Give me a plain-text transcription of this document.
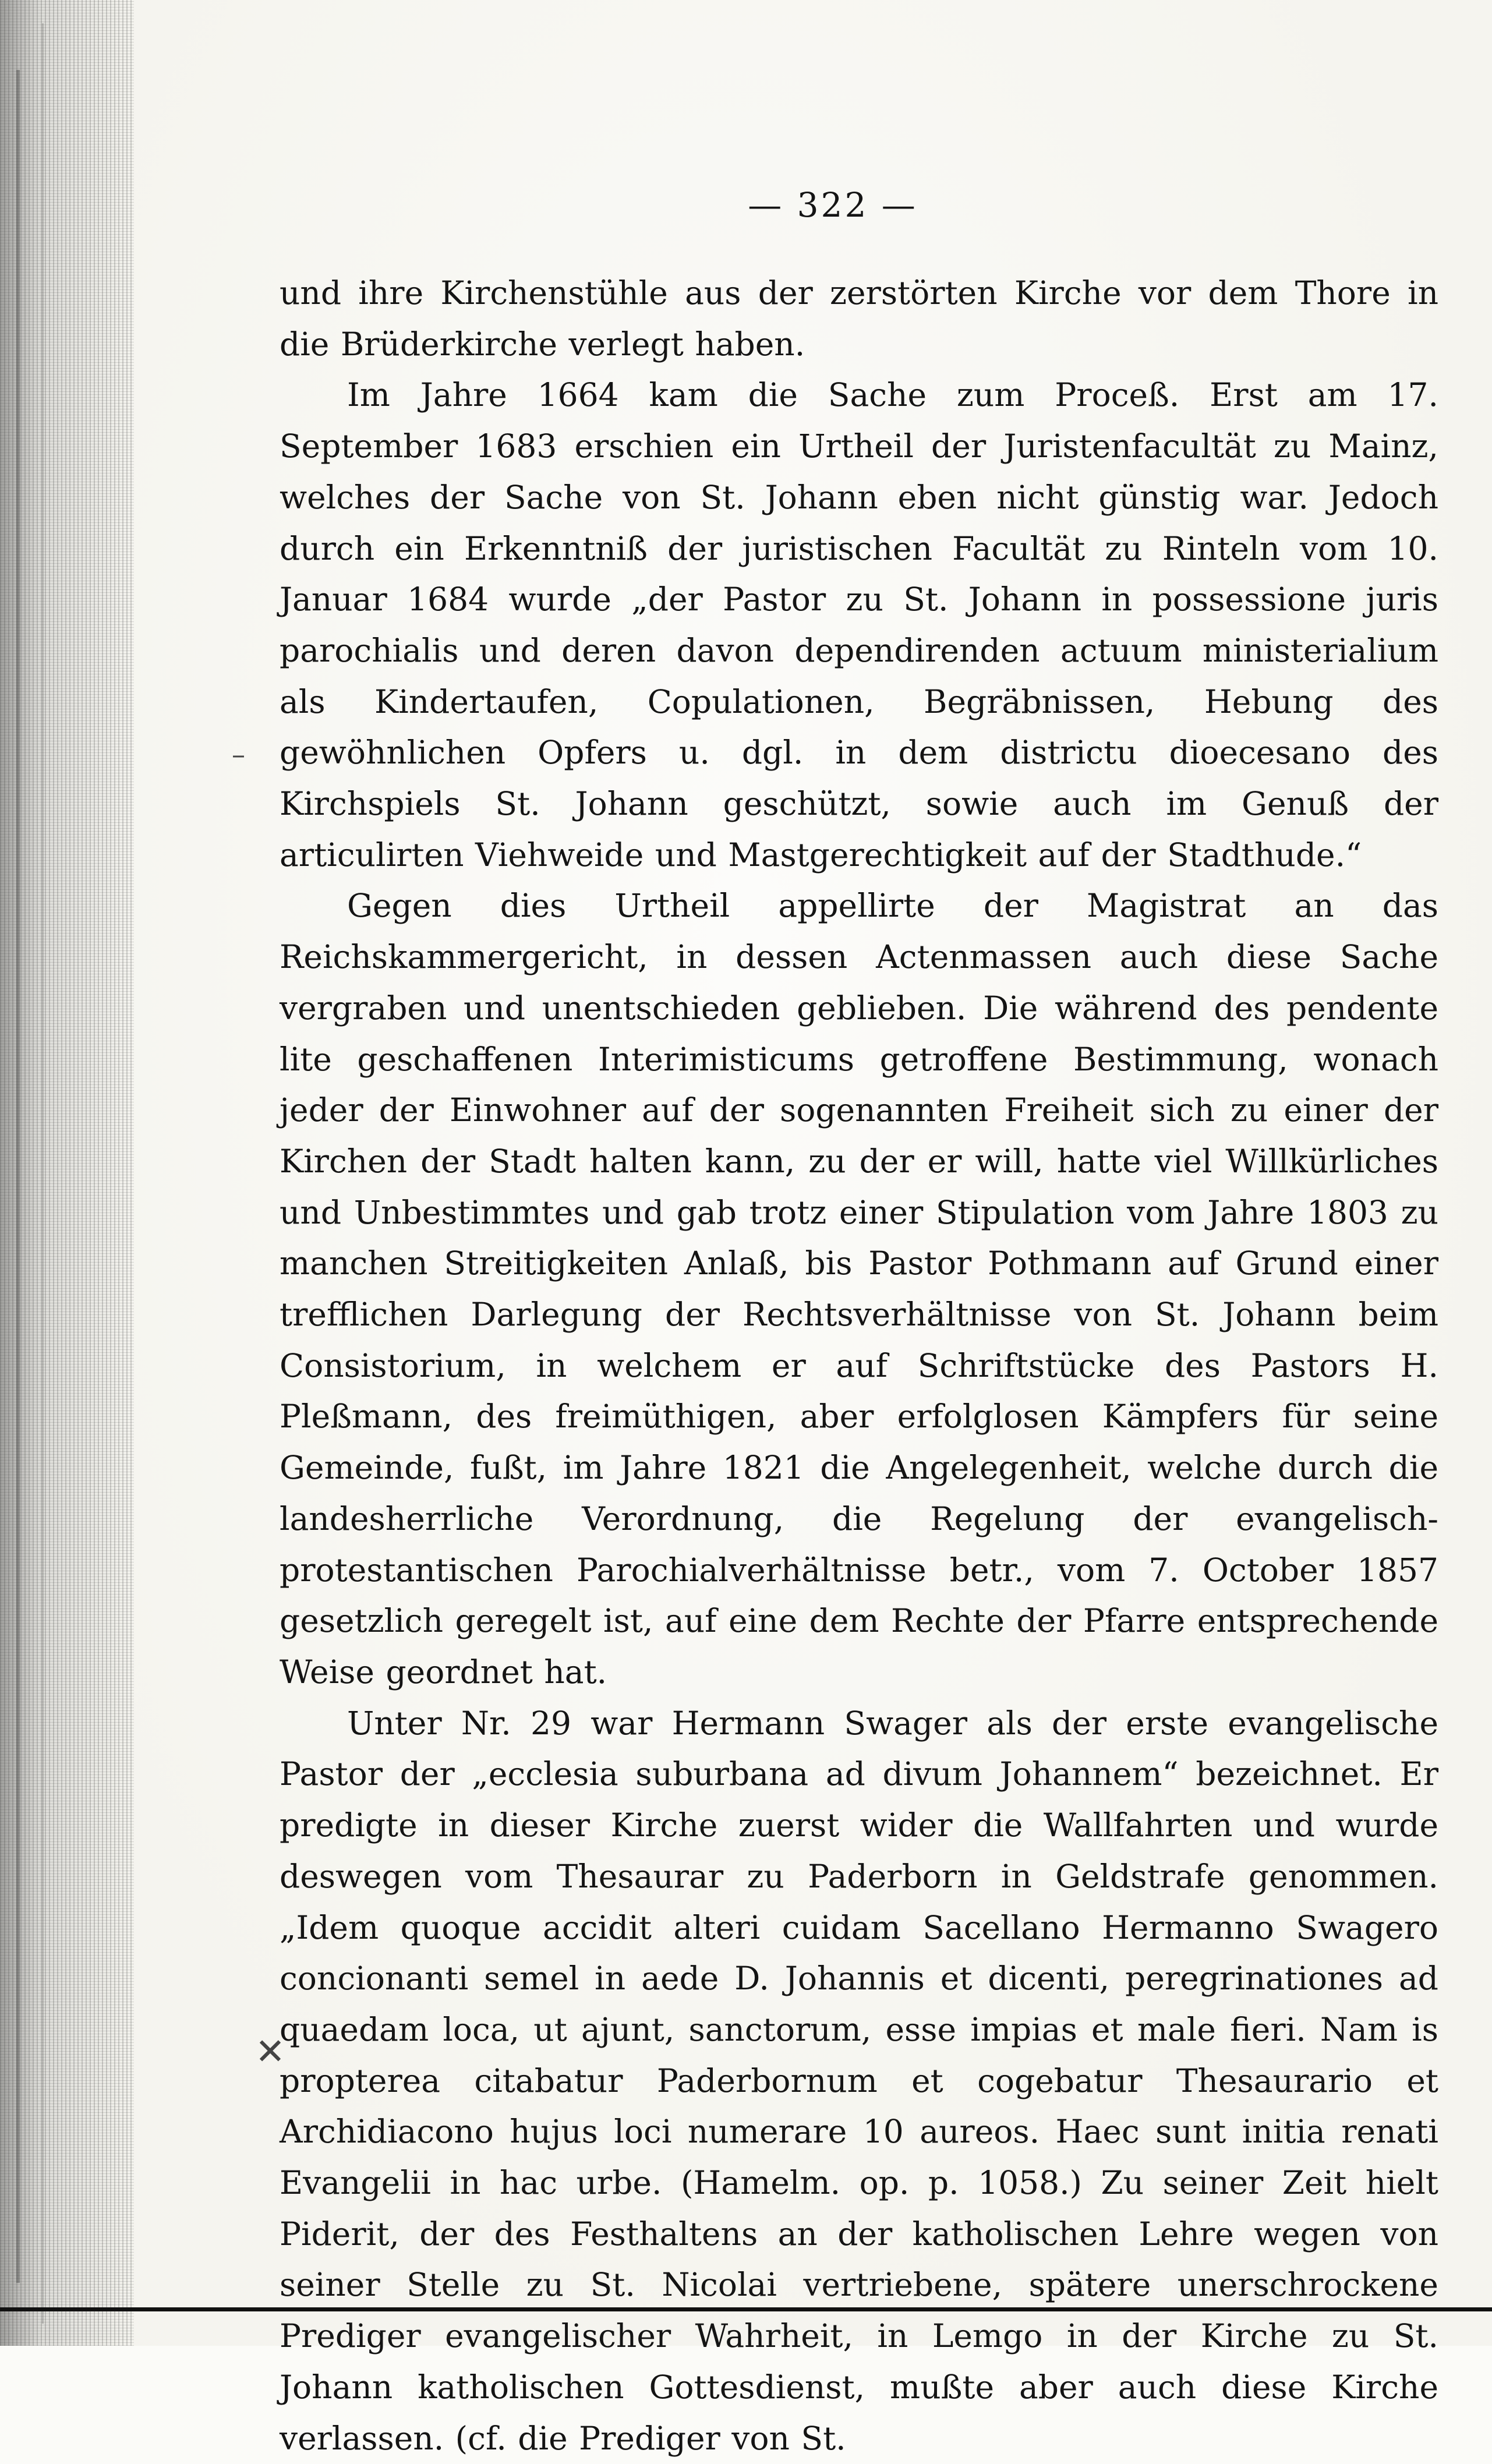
— 322 —

und ihre Kirchenstühle aus der zerstörten Kirche vor dem Thore in die Brüderkirche verlegt haben.

Im Jahre 1664 kam die Sache zum Proceß. Erst am 17. September 1683 erschien ein Urtheil der Juristenfacultät zu Mainz, welches der Sache von St. Johann eben nicht günstig war. Jedoch durch ein Erkenntniß der juristischen Facultät zu Rinteln vom 10. Januar 1684 wurde „der Pastor zu St. Johann in possessione juris parochialis und deren davon dependirenden actuum ministerialium als Kindertaufen, Copulationen, Begräbnissen, Hebung des gewöhnlichen Opfers u. dgl. in dem districtu dioecesano des Kirchspiels St. Johann geschützt, sowie auch im Genuß der articulirten Viehweide und Mastgerechtigkeit auf der Stadthude.“

Gegen dies Urtheil appellirte der Magistrat an das Reichskammergericht, in dessen Actenmassen auch diese Sache vergraben und unentschieden geblieben. Die während des pendente lite geschaffenen Interimisticums getroffene Bestimmung, wonach jeder der Einwohner auf der sogenannten Freiheit sich zu einer der Kirchen der Stadt halten kann, zu der er will, hatte viel Willkürliches und Unbestimmtes und gab trotz einer Stipulation vom Jahre 1803 zu manchen Streitigkeiten Anlaß, bis Pastor Pothmann auf Grund einer trefflichen Darlegung der Rechtsverhältnisse von St. Johann beim Consistorium, in welchem er auf Schriftstücke des Pastors H. Pleßmann, des freimüthigen, aber erfolglosen Kämpfers für seine Gemeinde, fußt, im Jahre 1821 die Angelegenheit, welche durch die landesherrliche Verordnung, die Regelung der evangelisch-protestantischen Parochialverhältnisse betr., vom 7. October 1857 gesetzlich geregelt ist, auf eine dem Rechte der Pfarre entsprechende Weise geordnet hat.

Unter Nr. 29 war Hermann Swager als der erste evangelische Pastor der „ecclesia suburbana ad divum Johannem“ bezeichnet. Er predigte in dieser Kirche zuerst wider die Wallfahrten und wurde deswegen vom Thesaurar zu Paderborn in Geldstrafe genommen. „Idem quoque accidit alteri cuidam Sacellano Hermanno Swagero concionanti semel in aede D. Johannis et dicenti, peregrinationes ad quaedam loca, ut ajunt, sanctorum, esse impias et male fieri. Nam is propterea citabatur Paderbornum et cogebatur Thesaurario et Archidiacono hujus loci numerare 10 aureos. Haec sunt initia renati Evangelii in hac urbe. (Hamelm. op. p. 1058.) Zu seiner Zeit hielt Piderit, der des Festhaltens an der katholischen Lehre wegen von seiner Stelle zu St. Nicolai vertriebene, spätere unerschrockene Prediger evangelischer Wahrheit, in Lemgo in der Kirche zu St. Johann katholischen Gottesdienst, mußte aber auch diese Kirche verlassen. (cf. die Prediger von St.

–
✕
